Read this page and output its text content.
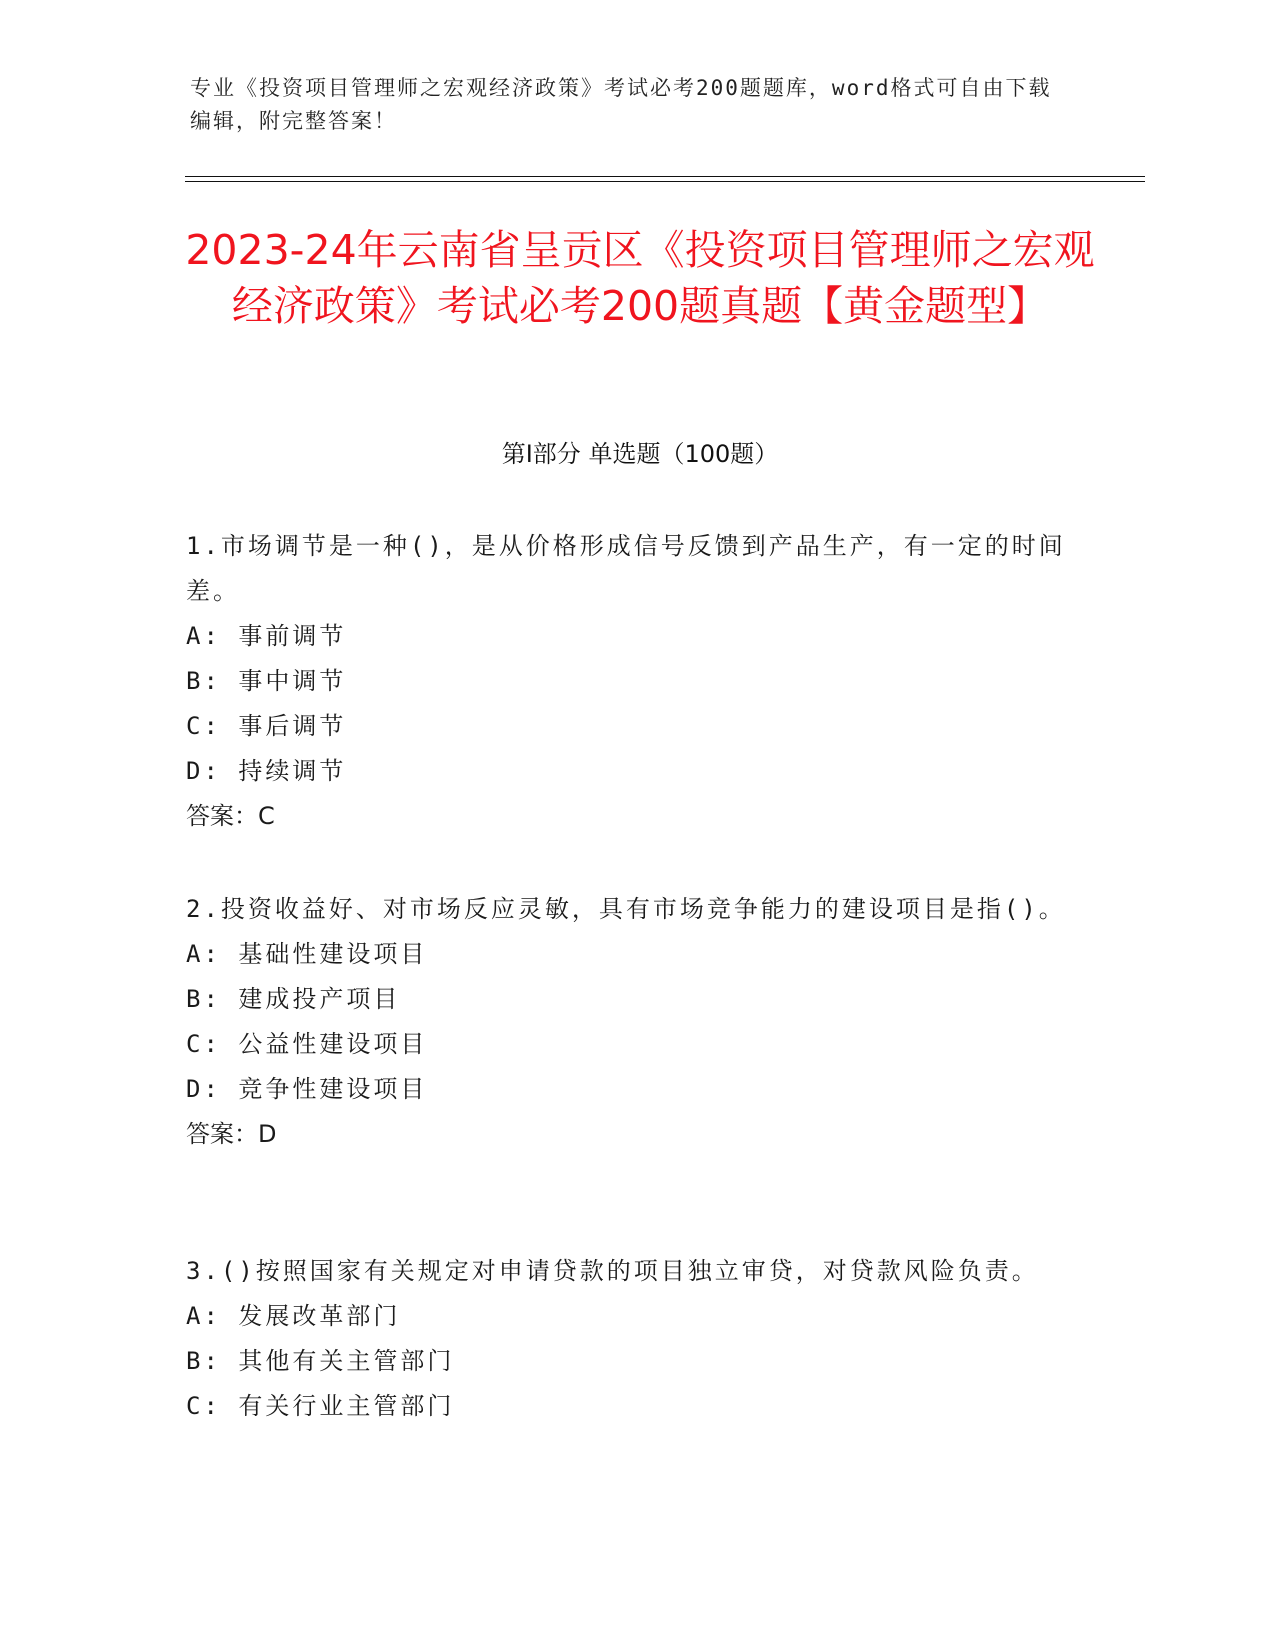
专业《投资项目管理师之宏观经济政策》考试必考200题题库，word格式可自由下载编辑，附完整答案！
2023-24年云南省呈贡区《投资项目管理师之宏观经济政策》考试必考200题真题【黄金题型】
第Ⅰ部分 单选题（100题）

1.市场调节是一种()，是从价格形成信号反馈到产品生产，有一定的时间差。

A: 事前调节

B: 事中调节

C: 事后调节

D: 持续调节

答案：C

2.投资收益好、对市场反应灵敏，具有市场竞争能力的建设项目是指()。

A: 基础性建设项目

B: 建成投产项目

C: 公益性建设项目

D: 竞争性建设项目

答案：D

3.()按照国家有关规定对申请贷款的项目独立审贷，对贷款风险负责。

A: 发展改革部门

B: 其他有关主管部门

C: 有关行业主管部门
